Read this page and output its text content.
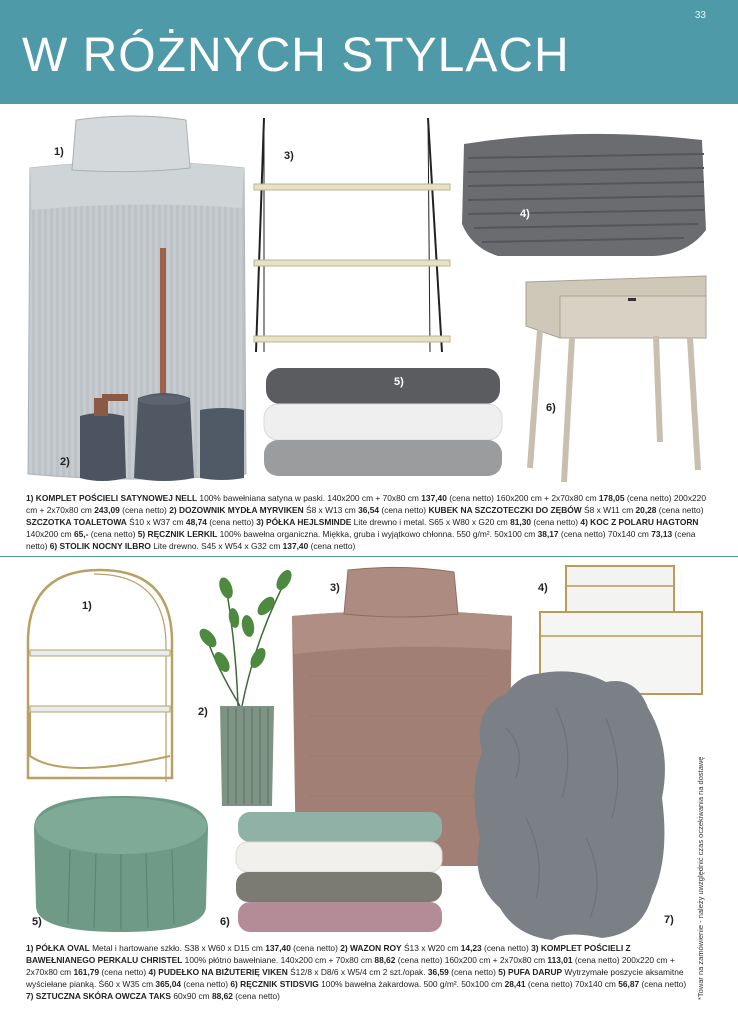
W RÓŻNYCH STYLACH
33
1)
2)
3)
4)
5)
6)
1) KOMPLET POŚCIELI SATYNOWEJ NELL 100% bawełniana satyna w paski. 140x200 cm + 70x80 cm 137,40 (cena netto) 160x200 cm + 2x70x80 cm 178,05 (cena netto) 200x220 cm + 2x70x80 cm 243,09 (cena netto) 2) DOZOWNIK MYDŁA MYRVIKEN Ś8 x W13 cm 36,54 (cena netto) KUBEK NA SZCZOTECZKI DO ZĘBÓW Ś8 x W11 cm 20,28 (cena netto) SZCZOTKA TOALETOWA Ś10 x W37 cm 48,74 (cena netto) 3) PÓŁKA HEJLSMINDE Lite drewno i metal. S65 x W80 x G20 cm 81,30 (cena netto) 4) KOC Z POLARU HAGTORN 140x200 cm 65,- (cena netto) 5) RĘCZNIK LERKIL 100% bawełna organiczna. Miękka, gruba i wyjątkowo chłonna. 550 g/m². 50x100 cm 38,17 (cena netto) 70x140 cm 73,13 (cena netto) 6) STOLIK NOCNY ILBRO Lite drewno. S45 x W54 x G32 cm 137,40 (cena netto)
1)
2)
3)	4)
5)	6)	7)
1) PÓŁKA OVAL Metal i hartowane szkło. S38 x W60 x D15 cm 137,40 (cena netto) 2) WAZON ROY Ś13 x W20 cm 14,23 (cena netto) 3) KOMPLET POŚCIELI Z BAWEŁNIANEGO PERKALU CHRISTEL 100% płótno bawełniane. 140x200 cm + 70x80 cm 88,62 (cena netto) 160x200 cm + 2x70x80 cm 113,01 (cena netto) 200x220 cm + 2x70x80 cm 161,79 (cena netto) 4) PUDEŁKO NA BIŻUTERIĘ VIKEN Ś12/8 x D8/6 x W5/4 cm 2 szt./opak. 36,59 (cena netto) 5) PUFA DARUP Wytrzymałe poszycie aksamitne wyściełane pianką. Ś60 x W35 cm 365,04 (cena netto) 6) RĘCZNIK STIDSVIG 100% bawełna żakardowa. 500 g/m². 50x100 cm 28,41 (cena netto) 70x140 cm 56,87 (cena netto) 7) SZTUCZNA SKÓRA OWCZA TAKS 60x90 cm 88,62 (cena netto)	*Towar na zamówienie - należy uwzględnić czas oczekiwania na dostawę
